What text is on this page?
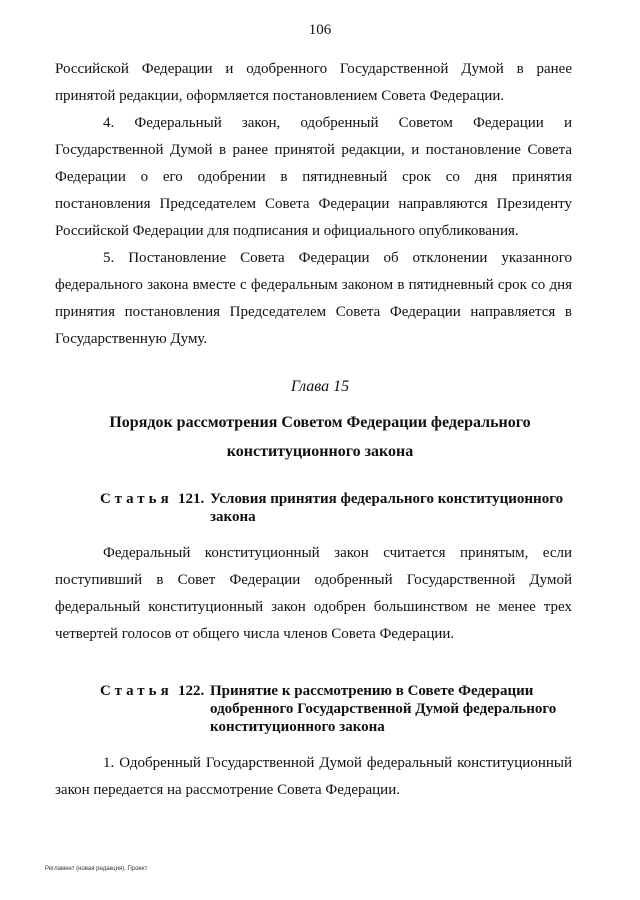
106
Российской Федерации и одобренного Государственной Думой в ранее принятой редакции, оформляется постановлением Совета Федерации.
4. Федеральный закон, одобренный Советом Федерации и Государственной Думой в ранее принятой редакции, и постановление Совета Федерации о его одобрении в пятидневный срок со дня принятия постановления Председателем Совета Федерации направляются Президенту Российской Федерации для подписания и официального опубликования.
5. Постановление Совета Федерации об отклонении указанного федерального закона вместе с федеральным законом в пятидневный срок со дня принятия постановления Председателем Совета Федерации направляется в Государственную Думу.
Глава 15
Порядок рассмотрения Советом Федерации федерального
конституционного закона
Статья 121. Условия принятия федерального конституционного
закона
Федеральный конституционный закон считается принятым, если поступивший в Совет Федерации одобренный Государственной Думой федеральный конституционный закон одобрен большинством не менее трех четвертей голосов от общего числа членов Совета Федерации.
Статья 122. Принятие к рассмотрению в Совете Федерации
одобренного Государственной Думой федерального
конституционного закона
1. Одобренный Государственной Думой федеральный конституционный закон передается на рассмотрение Совета Федерации.
Регламент (новая редакция). Проект
